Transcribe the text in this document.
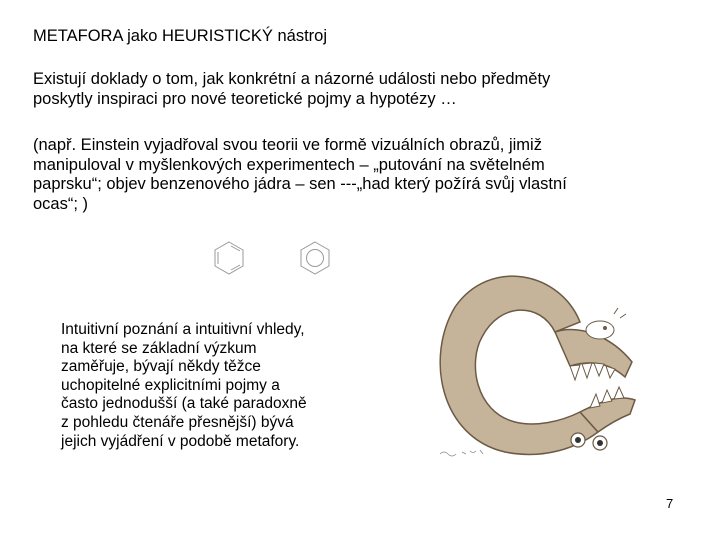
METAFORA jako HEURISTICKÝ nástroj
Existují doklady o tom, jak konkrétní a názorné události nebo předměty
poskytly inspiraci pro nové teoretické pojmy a hypotézy …
(např. Einstein vyjadřoval svou teorii ve formě vizuálních obrazů, jimiž
manipuloval v myšlenkových experimentech – „putování na světelném
paprsku“; objev benzenového jádra – sen ---„had který požírá svůj vlastní
ocas“; )
Intuitivní poznání a intuitivní vhledy,
na které se základní výzkum
zaměřuje, bývají někdy těžce
uchopitelné explicitními pojmy a
často jednodušší (a také paradoxně
z pohledu čtenáře přesnější) bývá
jejich vyjádření v podobě metafory.
7
